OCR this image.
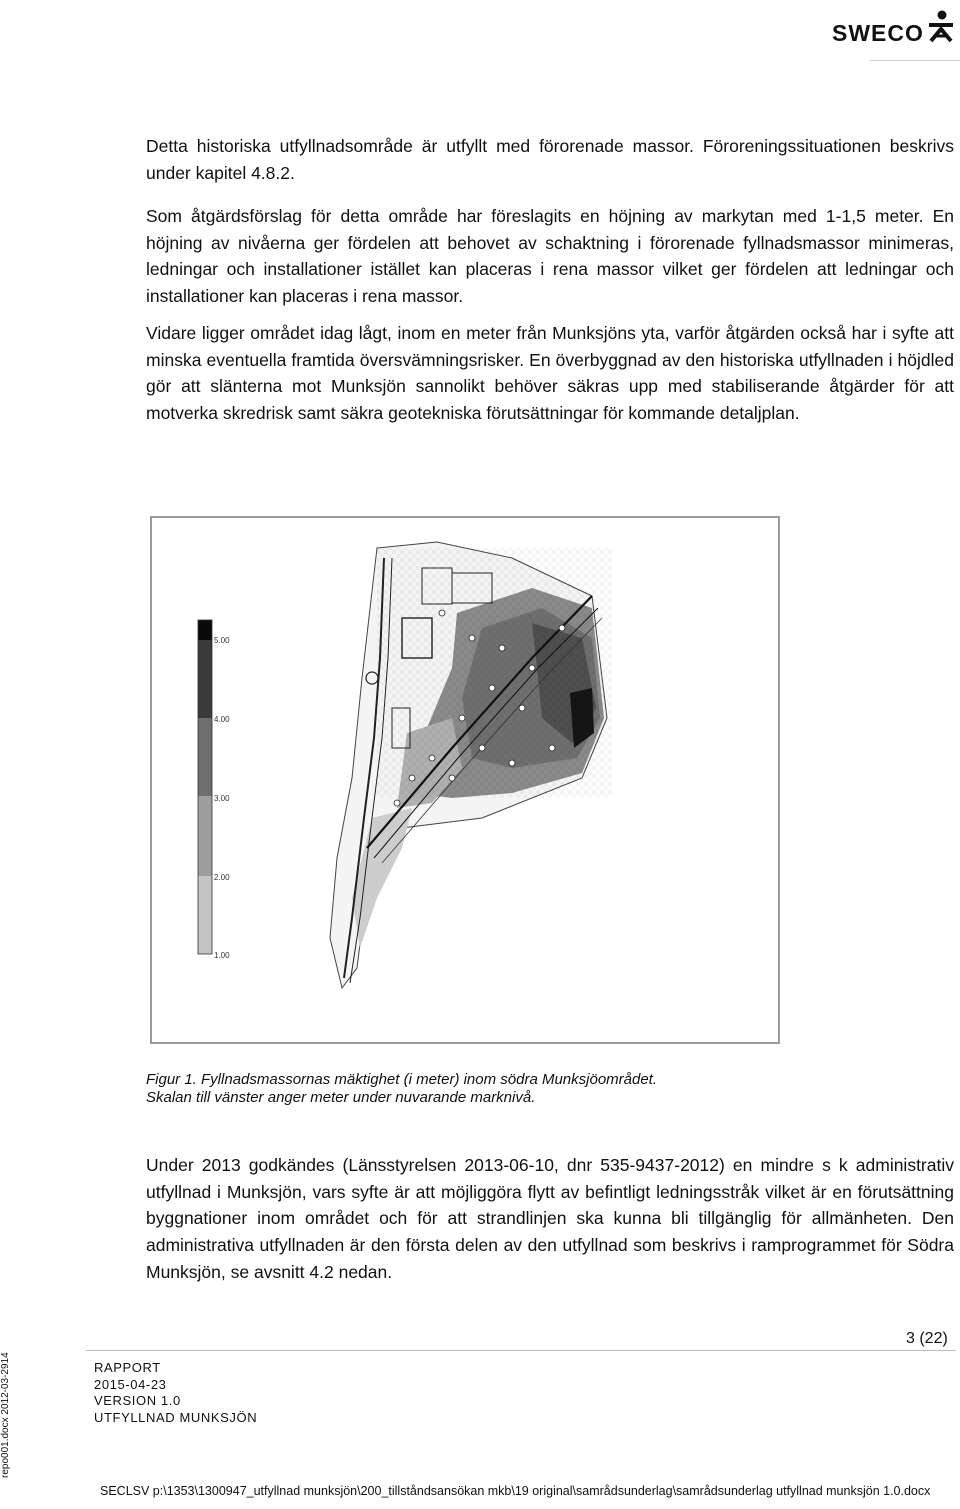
SWECO

Detta historiska utfyllnadsområde är utfyllt med förorenade massor. Föroreningssituationen beskrivs under kapitel 4.8.2.

Som åtgärdsförslag för detta område har föreslagits en höjning av markytan med 1-1,5 meter. En höjning av nivåerna ger fördelen att behovet av schaktning i förorenade fyllnadsmassor minimeras, ledningar och installationer istället kan placeras i rena massor vilket ger fördelen att ledningar och installationer kan placeras i rena massor.

Vidare ligger området idag lågt, inom en meter från Munksjöns yta, varför åtgärden också har i syfte att minska eventuella framtida översvämningsrisker. En överbyggnad av den historiska utfyllnaden i höjdled gör att slänterna mot Munksjön sannolikt behöver säkras upp med stabiliserande åtgärder för att motverka skredrisk samt säkra geotekniska förutsättningar för kommande detaljplan.

5.00
4.00
3.00
2.00
1.00
Figur 1. Fyllnadsmassornas mäktighet (i meter) inom södra Munksjöområdet.
Skalan till vänster anger meter under nuvarande marknivå.

Under 2013 godkändes (Länsstyrelsen 2013-06-10, dnr 535-9437-2012) en mindre s k administrativ utfyllnad i Munksjön, vars syfte är att möjliggöra flytt av befintligt ledningsstråk vilket är en förutsättning byggnationer inom området och för att strandlinjen ska kunna bli tillgänglig för allmänheten. Den administrativa utfyllnaden är den första delen av den utfyllnad som beskrivs i ramprogrammet för Södra Munksjön, se avsnitt 4.2 nedan.

3 (22)
RAPPORT
2015-04-23
VERSION 1.0
UTFYLLNAD MUNKSJÖN
repo001.docx 2012-03-2914
SECLSV p:\1353\1300947_utfyllnad munksjön\200_tillståndsansökan mkb\19 original\samrådsunderlag\samrådsunderlag utfyllnad munksjön 1.0.docx
